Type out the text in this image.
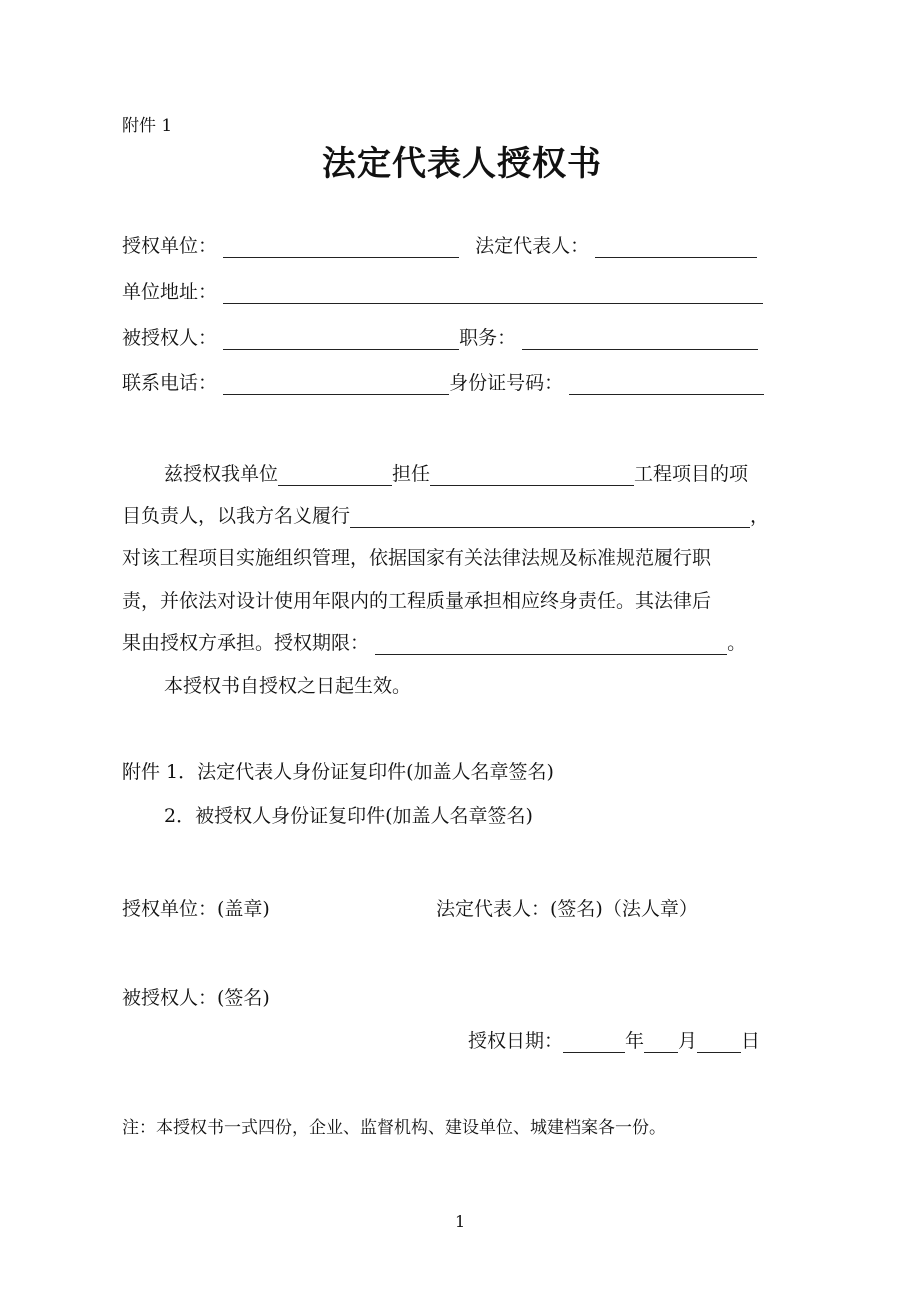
附件 1
法定代表人授权书
授权单位：	法定代表人：
单位地址：
被授权人：	职务：
联系电话：	身份证号码：
兹授权我单位	担任	工程项目的项
目负责人，以我方名义履行	，
对该工程项目实施组织管理，依据国家有关法律法规及标准规范履行职
责，并依法对设计使用年限内的工程质量承担相应终身责任。其法律后
果由授权方承担。授权期限：	。
本授权书自授权之日起生效。
附件 1．法定代表人身份证复印件(加盖人名章签名)
2．被授权人身份证复印件(加盖人名章签名)
授权单位：(盖章)	法定代表人：(签名)（法人章）
被授权人：(签名)
授权日期：	年 月 日
注：本授权书一式四份，企业、监督机构、建设单位、城建档案各一份。
1
